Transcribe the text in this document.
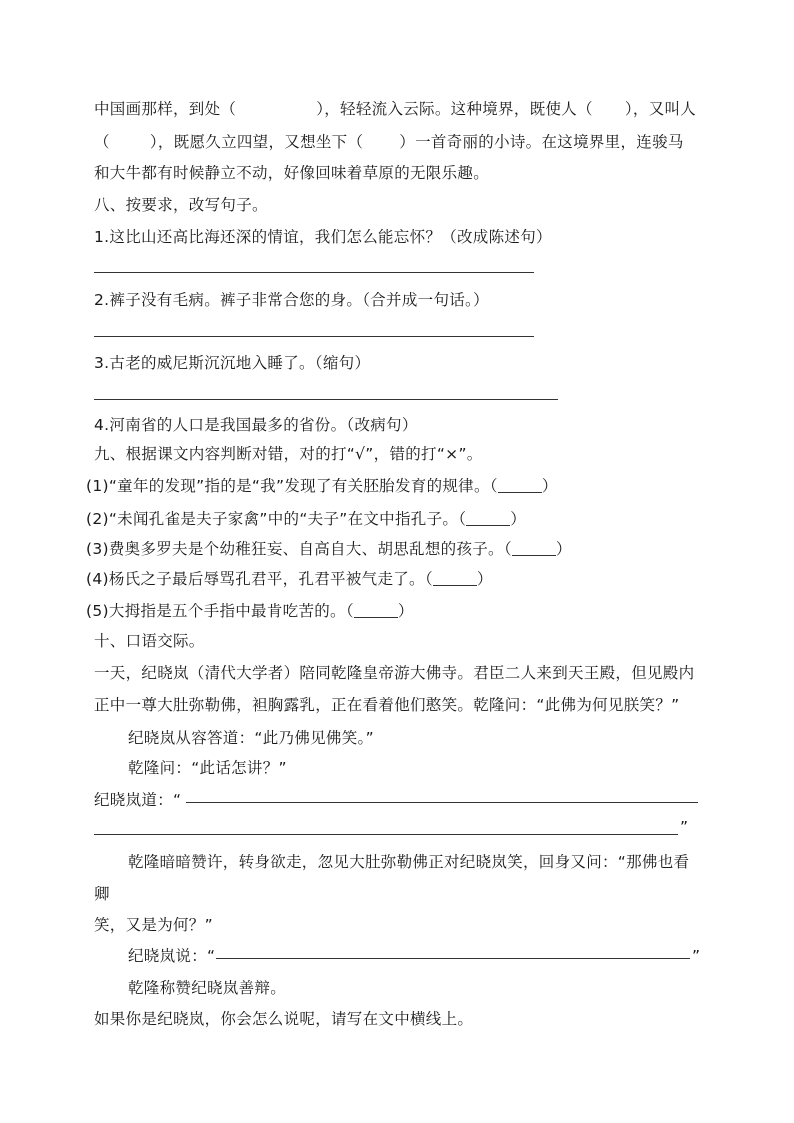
中国画那样，到处（	），轻轻流入云际。这种境界，既使人（ ），又叫人
（	），既愿久立四望，又想坐下（ ）一首奇丽的小诗。在这境界里，连骏马
和大牛都有时候静立不动，好像回味着草原的无限乐趣。
八、按要求，改写句子。
1.这比山还高比海还深的情谊，我们怎么能忘怀？（改成陈述句）
2.裤子没有毛病。裤子非常合您的身。（合并成一句话。）
3.古老的威尼斯沉沉地入睡了。（缩句）
4.河南省的人口是我国最多的省份。（改病句）
九、根据课文内容判断对错，对的打“√”，错的打“×”。
(1)“童年的发现”指的是“我”发现了有关胚胎发育的规律。（	）
(2)“未闻孔雀是夫子家禽”中的“夫子”在文中指孔子。（	）
(3)费奥多罗夫是个幼稚狂妄、自高自大、胡思乱想的孩子。（	）
(4)杨氏之子最后辱骂孔君平，孔君平被气走了。（	）
(5)大拇指是五个手指中最肯吃苦的。（	）
十、口语交际。
一天，纪晓岚（清代大学者）陪同乾隆皇帝游大佛寺。君臣二人来到天王殿，但见殿内
正中一尊大肚弥勒佛，袒胸露乳，正在看着他们憨笑。乾隆问：“此佛为何见朕笑？”
纪晓岚从容答道：“此乃佛见佛笑。”
乾隆问：“此话怎讲？”
纪晓岚道：“
”
乾隆暗暗赞许，转身欲走，忽见大肚弥勒佛正对纪晓岚笑，回身又问：“那佛也看
卿
笑，又是为何？”
纪晓岚说：“	”
乾隆称赞纪晓岚善辩。
如果你是纪晓岚，你会怎么说呢，请写在文中横线上。
